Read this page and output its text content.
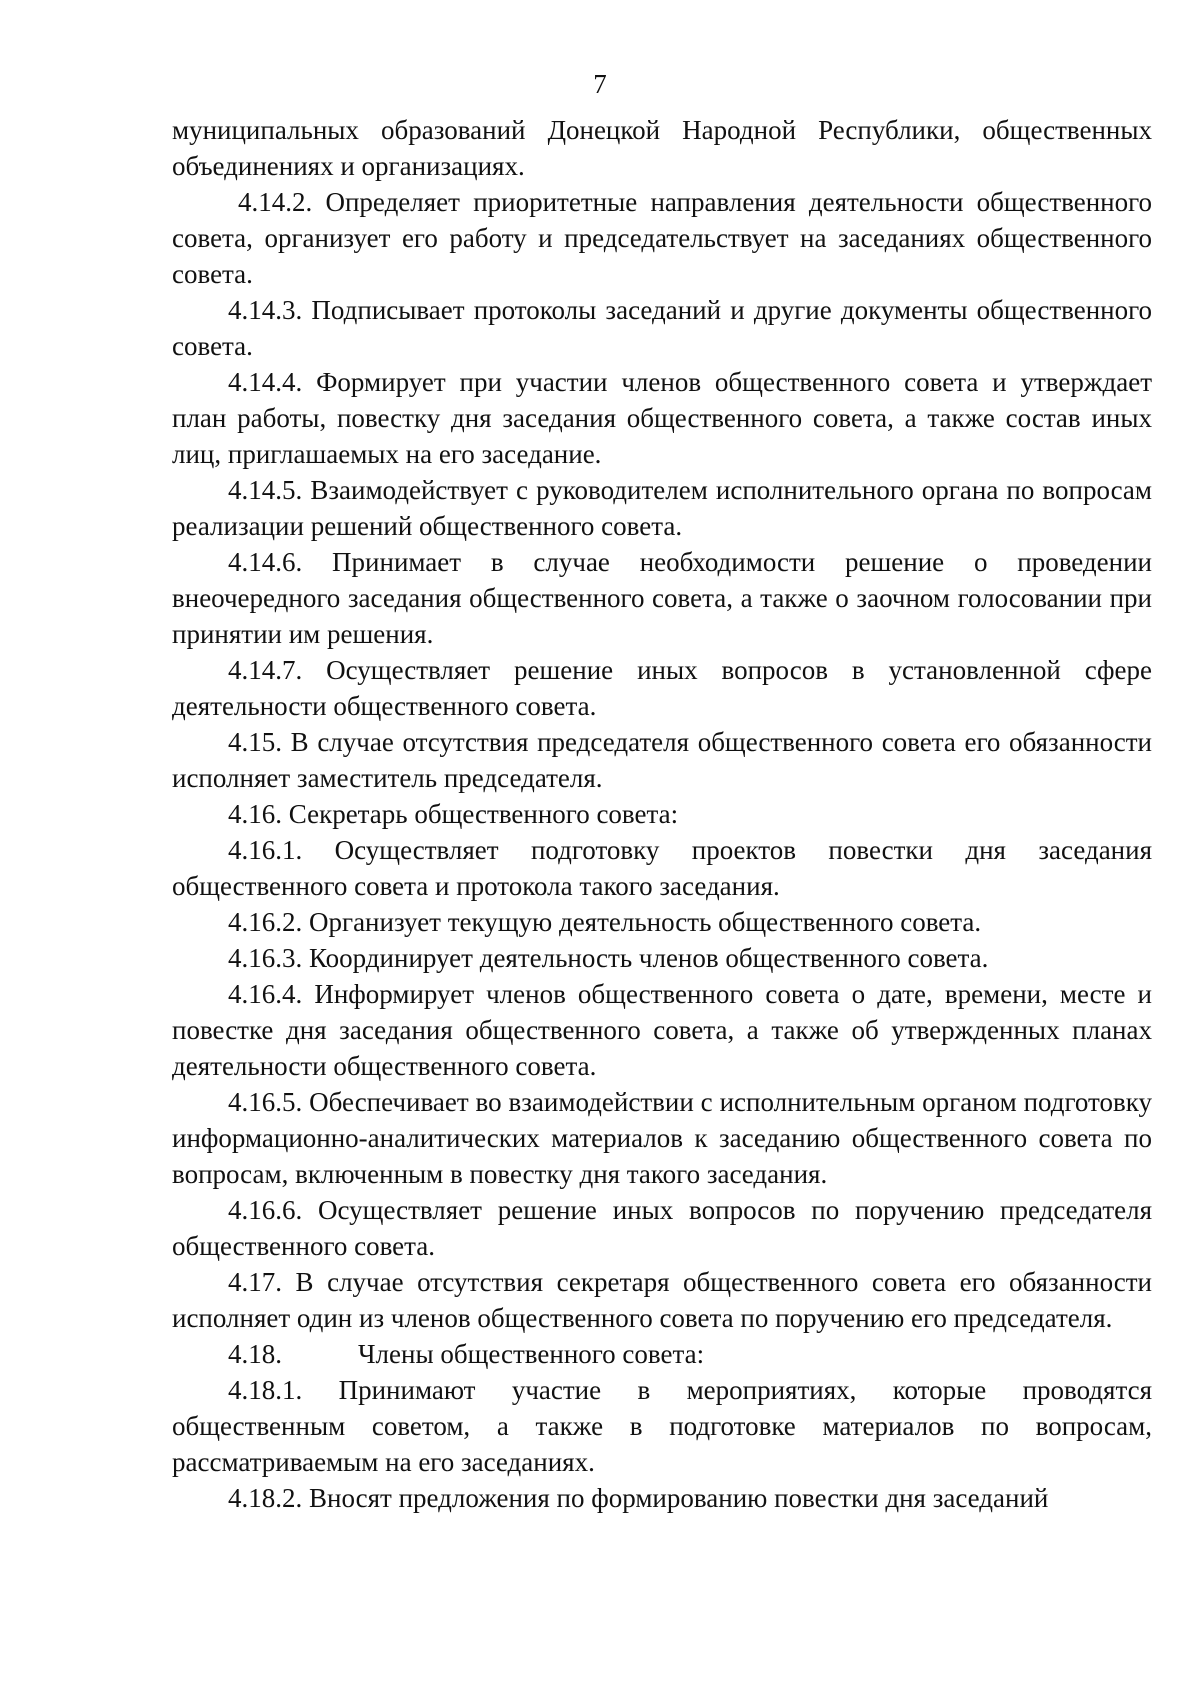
7

муниципальных образований Донецкой Народной Республики, общественных объединениях и организациях.

4.14.2. Определяет приоритетные направления деятельности общественного совета, организует его работу и председательствует на заседаниях общественного совета.

4.14.3. Подписывает протоколы заседаний и другие документы общественного совета.

4.14.4. Формирует при участии членов общественного совета и утверждает план работы, повестку дня заседания общественного совета, а также состав иных лиц, приглашаемых на его заседание.

4.14.5. Взаимодействует с руководителем исполнительного органа по вопросам реализации решений общественного совета.

4.14.6. Принимает в случае необходимости решение о проведении внеочередного заседания общественного совета, а также о заочном голосовании при принятии им решения.

4.14.7. Осуществляет решение иных вопросов в установленной сфере деятельности общественного совета.

4.15. В случае отсутствия председателя общественного совета его обязанности исполняет заместитель председателя.

4.16. Секретарь общественного совета:

4.16.1. Осуществляет подготовку проектов повестки дня заседания общественного совета и протокола такого заседания.

4.16.2. Организует текущую деятельность общественного совета.

4.16.3. Координирует деятельность членов общественного совета.

4.16.4. Информирует членов общественного совета о дате, времени, месте и повестке дня заседания общественного совета, а также об утвержденных планах деятельности общественного совета.

4.16.5. Обеспечивает во взаимодействии с исполнительным органом подготовку информационно-аналитических материалов к заседанию общественного совета по вопросам, включенным в повестку дня такого заседания.

4.16.6. Осуществляет решение иных вопросов по поручению председателя общественного совета.

4.17. В случае отсутствия секретаря общественного совета его обязанности исполняет один из членов общественного совета по поручению его председателя.

4.18.	Члены общественного совета:

4.18.1. Принимают участие в мероприятиях, которые проводятся общественным советом, а также в подготовке материалов по вопросам, рассматриваемым на его заседаниях.

4.18.2. Вносят предложения по формированию повестки дня заседаний
